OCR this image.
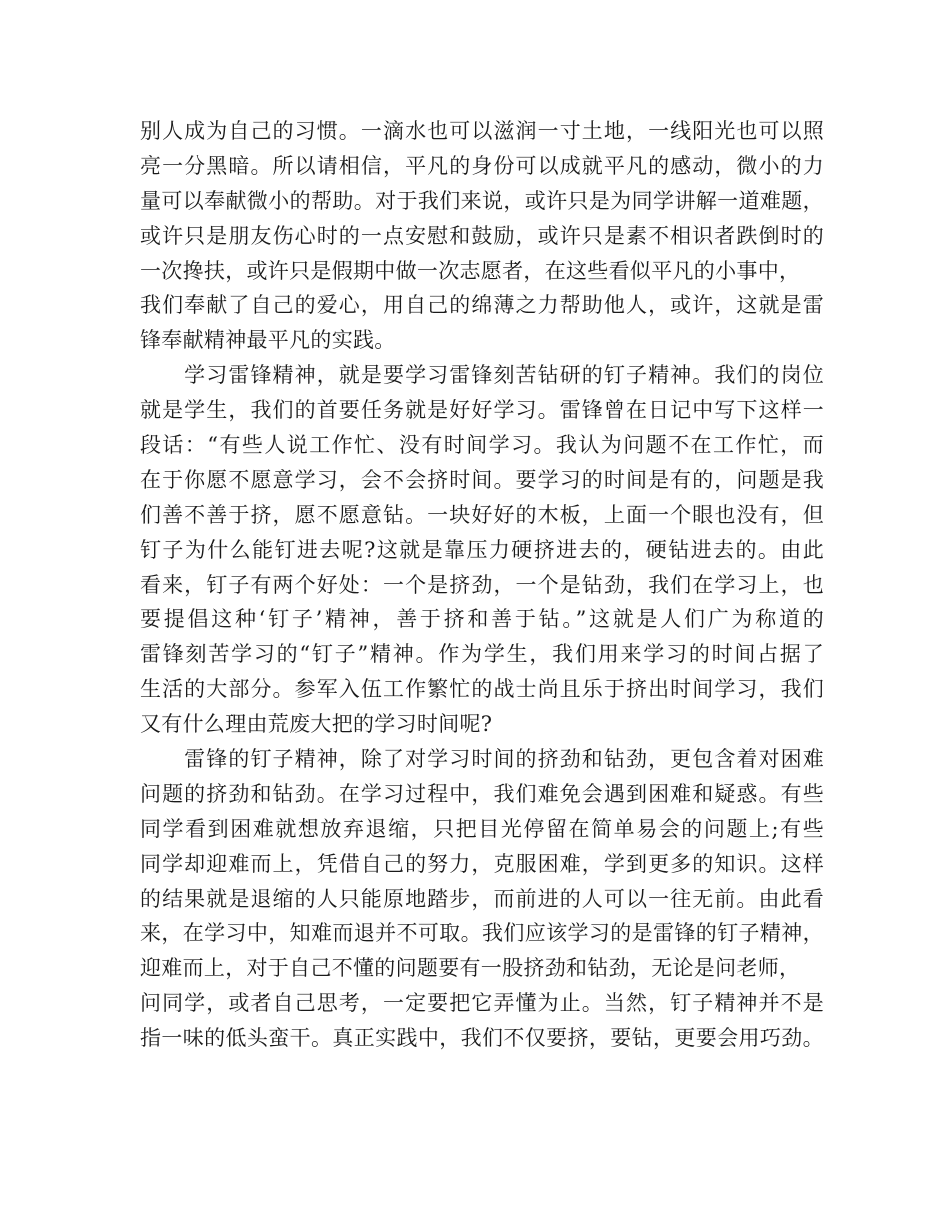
别人成为自己的习惯。一滴水也可以滋润一寸土地，一线阳光也可以照
亮一分黑暗。所以请相信，平凡的身份可以成就平凡的感动，微小的力
量可以奉献微小的帮助。对于我们来说，或许只是为同学讲解一道难题，
或许只是朋友伤心时的一点安慰和鼓励，或许只是素不相识者跌倒时的
一次搀扶，或许只是假期中做一次志愿者，在这些看似平凡的小事中，
我们奉献了自己的爱心，用自己的绵薄之力帮助他人，或许，这就是雷
锋奉献精神最平凡的实践。
　　学习雷锋精神，就是要学习雷锋刻苦钻研的钉子精神。我们的岗位
就是学生，我们的首要任务就是好好学习。雷锋曾在日记中写下这样一
段话：“有些人说工作忙、没有时间学习。我认为问题不在工作忙，而
在于你愿不愿意学习，会不会挤时间。要学习的时间是有的，问题是我
们善不善于挤，愿不愿意钻。一块好好的木板，上面一个眼也没有，但
钉子为什么能钉进去呢?这就是靠压力硬挤进去的，硬钻进去的。由此
看来，钉子有两个好处：一个是挤劲，一个是钻劲，我们在学习上，也
要提倡这种‘钉子’精神，善于挤和善于钻。”这就是人们广为称道的
雷锋刻苦学习的“钉子”精神。作为学生，我们用来学习的时间占据了
生活的大部分。参军入伍工作繁忙的战士尚且乐于挤出时间学习，我们
又有什么理由荒废大把的学习时间呢?
　　雷锋的钉子精神，除了对学习时间的挤劲和钻劲，更包含着对困难
问题的挤劲和钻劲。在学习过程中，我们难免会遇到困难和疑惑。有些
同学看到困难就想放弃退缩，只把目光停留在简单易会的问题上;有些
同学却迎难而上，凭借自己的努力，克服困难，学到更多的知识。这样
的结果就是退缩的人只能原地踏步，而前进的人可以一往无前。由此看
来，在学习中，知难而退并不可取。我们应该学习的是雷锋的钉子精神，
迎难而上，对于自己不懂的问题要有一股挤劲和钻劲，无论是问老师，
问同学，或者自己思考，一定要把它弄懂为止。当然，钉子精神并不是
指一味的低头蛮干。真正实践中，我们不仅要挤，要钻，更要会用巧劲。
